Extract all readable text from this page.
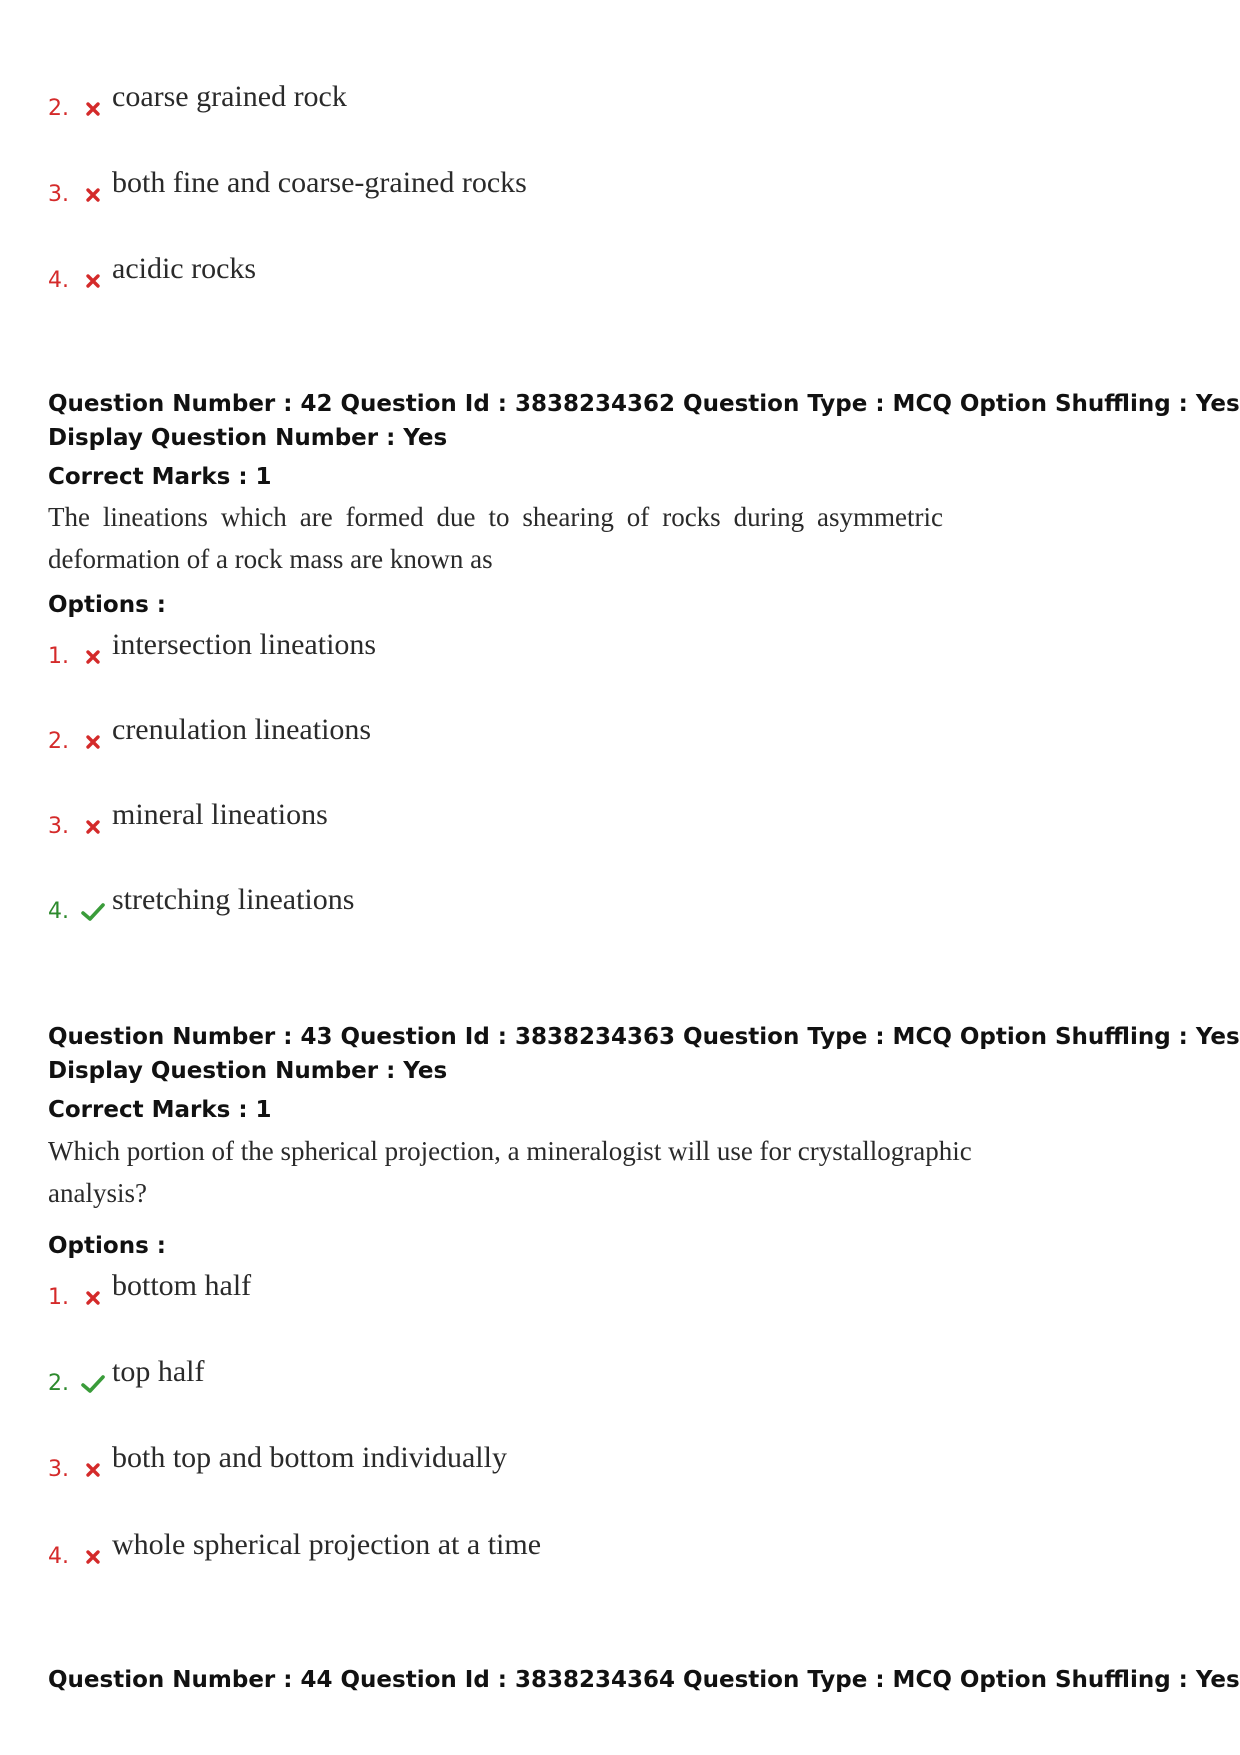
2.	coarse grained rock
3.	both fine and coarse-grained rocks
4.	acidic rocks
Question Number : 42 Question Id : 3838234362 Question Type : MCQ Option Shuffling : Yes
Display Question Number : Yes
Correct Marks : 1
The lineations which are formed due to shearing of rocks during asymmetric
deformation of a rock mass are known as
Options :
1.	intersection lineations
2.	crenulation lineations
3.	mineral lineations
4.	stretching lineations
Question Number : 43 Question Id : 3838234363 Question Type : MCQ Option Shuffling : Yes
Display Question Number : Yes
Correct Marks : 1
Which portion of the spherical projection, a mineralogist will use for crystallographic
analysis?
Options :
1.	bottom half
2.	top half
3.	both top and bottom individually
4.	whole spherical projection at a time
Question Number : 44 Question Id : 3838234364 Question Type : MCQ Option Shuffling : Yes
